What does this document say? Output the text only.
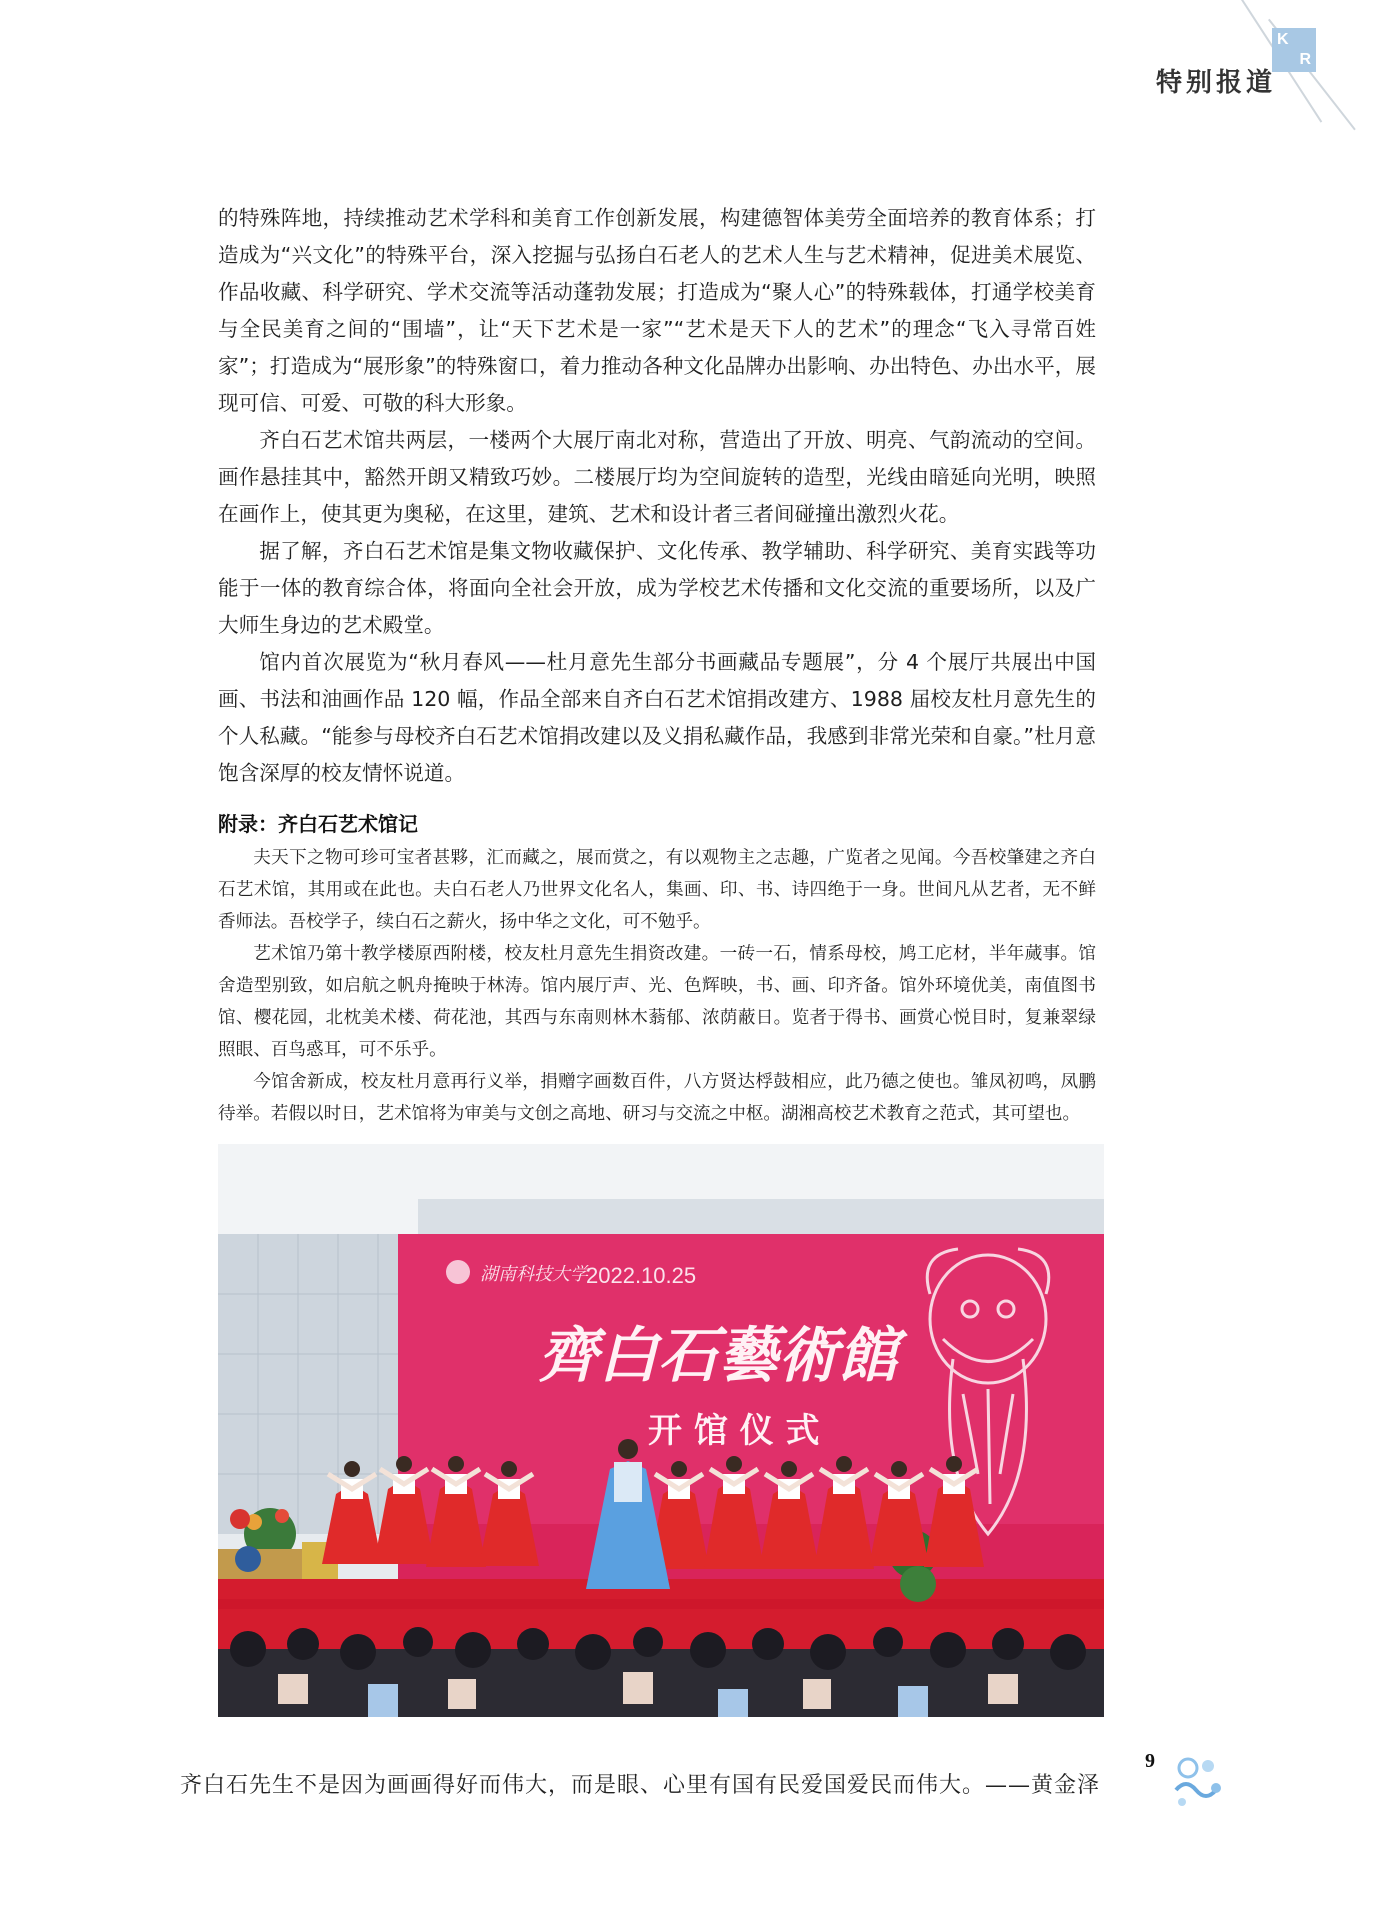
K
R
特别报道

的特殊阵地，持续推动艺术学科和美育工作创新发展，构建德智体美劳全面培养的教育体系；打造成为“兴文化”的特殊平台，深入挖掘与弘扬白石老人的艺术人生与艺术精神，促进美术展览、作品收藏、科学研究、学术交流等活动蓬勃发展；打造成为“聚人心”的特殊载体，打通学校美育与全民美育之间的“围墙”，让“天下艺术是一家”“艺术是天下人的艺术”的理念“飞入寻常百姓家”；打造成为“展形象”的特殊窗口，着力推动各种文化品牌办出影响、办出特色、办出水平，展现可信、可爱、可敬的科大形象。

齐白石艺术馆共两层，一楼两个大展厅南北对称，营造出了开放、明亮、气韵流动的空间。画作悬挂其中，豁然开朗又精致巧妙。二楼展厅均为空间旋转的造型，光线由暗延向光明，映照在画作上，使其更为奥秘，在这里，建筑、艺术和设计者三者间碰撞出激烈火花。

据了解，齐白石艺术馆是集文物收藏保护、文化传承、教学辅助、科学研究、美育实践等功能于一体的教育综合体，将面向全社会开放，成为学校艺术传播和文化交流的重要场所，以及广大师生身边的艺术殿堂。

馆内首次展览为“秋月春风——杜月意先生部分书画藏品专题展”，分 4 个展厅共展出中国画、书法和油画作品 120 幅，作品全部来自齐白石艺术馆捐改建方、1988 届校友杜月意先生的个人私藏。“能参与母校齐白石艺术馆捐改建以及义捐私藏作品，我感到非常光荣和自豪。”杜月意饱含深厚的校友情怀说道。

附录：齐白石艺术馆记

夫天下之物可珍可宝者甚夥，汇而藏之，展而赏之，有以观物主之志趣，广览者之见闻。今吾校肇建之齐白石艺术馆，其用或在此也。夫白石老人乃世界文化名人，集画、印、书、诗四绝于一身。世间凡从艺者，无不鲜香师法。吾校学子，续白石之薪火，扬中华之文化，可不勉乎。

艺术馆乃第十教学楼原西附楼，校友杜月意先生捐资改建。一砖一石，情系母校，鸠工庀材，半年蒇事。馆舍造型别致，如启航之帆舟掩映于林涛。馆内展厅声、光、色辉映，书、画、印齐备。馆外环境优美，南值图书馆、樱花园，北枕美术楼、荷花池，其西与东南则林木蓊郁、浓荫蔽日。览者于得书、画赏心悦目时，复兼翠绿照眼、百鸟惑耳，可不乐乎。

今馆舍新成，校友杜月意再行义举，捐赠字画数百件，八方贤达桴鼓相应，此乃德之使也。雏凤初鸣，凤鹏待举。若假以时日，艺术馆将为审美与文创之高地、研习与交流之中枢。湖湘高校艺术教育之范式，其可望也。

湖南科技大学
2022.10.25
齊白石藝術館
开 馆 仪 式
齐白石先生不是因为画画得好而伟大，而是眼、心里有国有民爱国爱民而伟大。——黄金泽
9
